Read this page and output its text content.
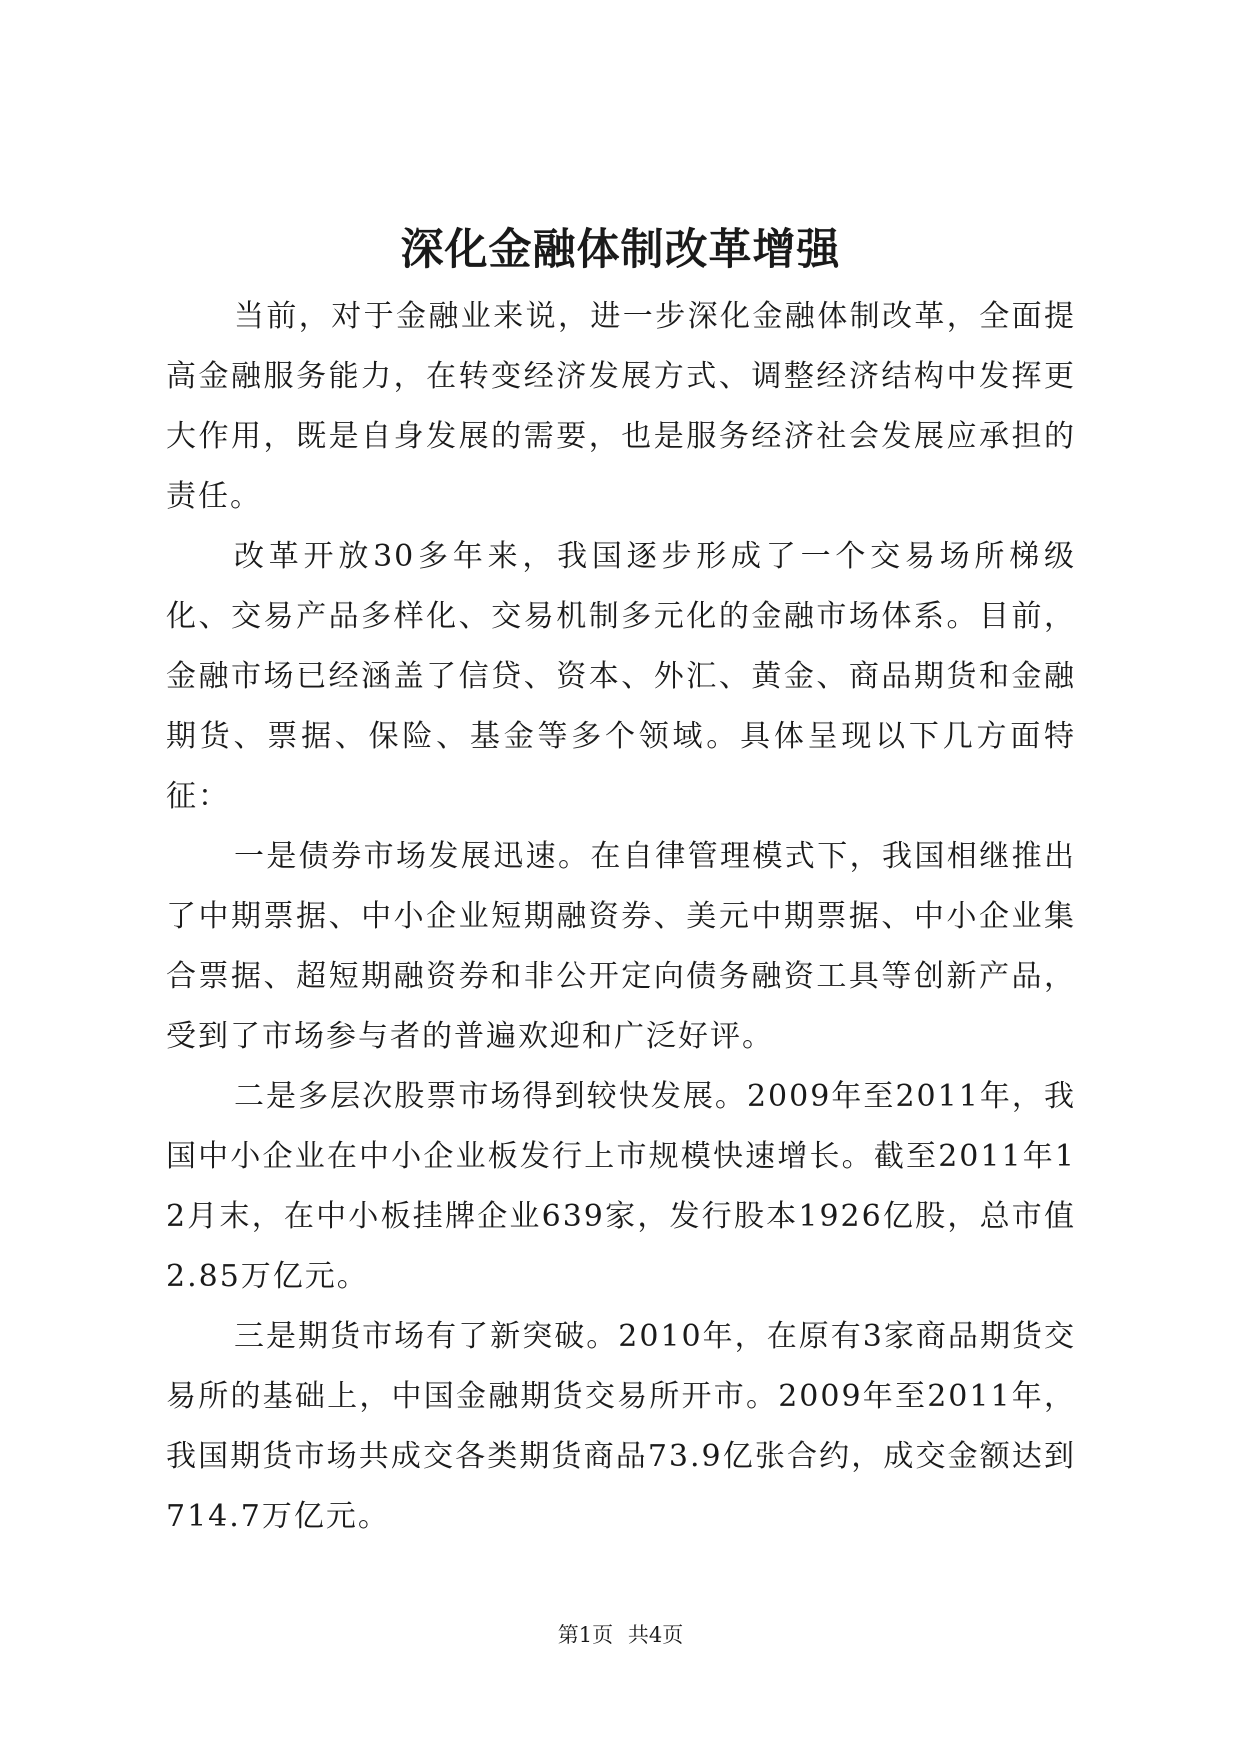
深化金融体制改革增强

当前，对于金融业来说，进一步深化金融体制改革，全面提高金融服务能力，在转变经济发展方式、调整经济结构中发挥更大作用，既是自身发展的需要，也是服务经济社会发展应承担的责任。

改革开放30多年来，我国逐步形成了一个交易场所梯级化、交易产品多样化、交易机制多元化的金融市场体系。目前，金融市场已经涵盖了信贷、资本、外汇、黄金、商品期货和金融期货、票据、保险、基金等多个领域。具体呈现以下几方面特征：

一是债券市场发展迅速。在自律管理模式下，我国相继推出了中期票据、中小企业短期融资券、美元中期票据、中小企业集合票据、超短期融资券和非公开定向债务融资工具等创新产品，受到了市场参与者的普遍欢迎和广泛好评。

二是多层次股票市场得到较快发展。2009年至2011年，我国中小企业在中小企业板发行上市规模快速增长。截至2011年12月末，在中小板挂牌企业639家，发行股本1926亿股，总市值2.85万亿元。

三是期货市场有了新突破。2010年，在原有3家商品期货交易所的基础上，中国金融期货交易所开市。2009年至2011年，我国期货市场共成交各类期货商品73.9亿张合约，成交金额达到714.7万亿元。

第1页 共4页
